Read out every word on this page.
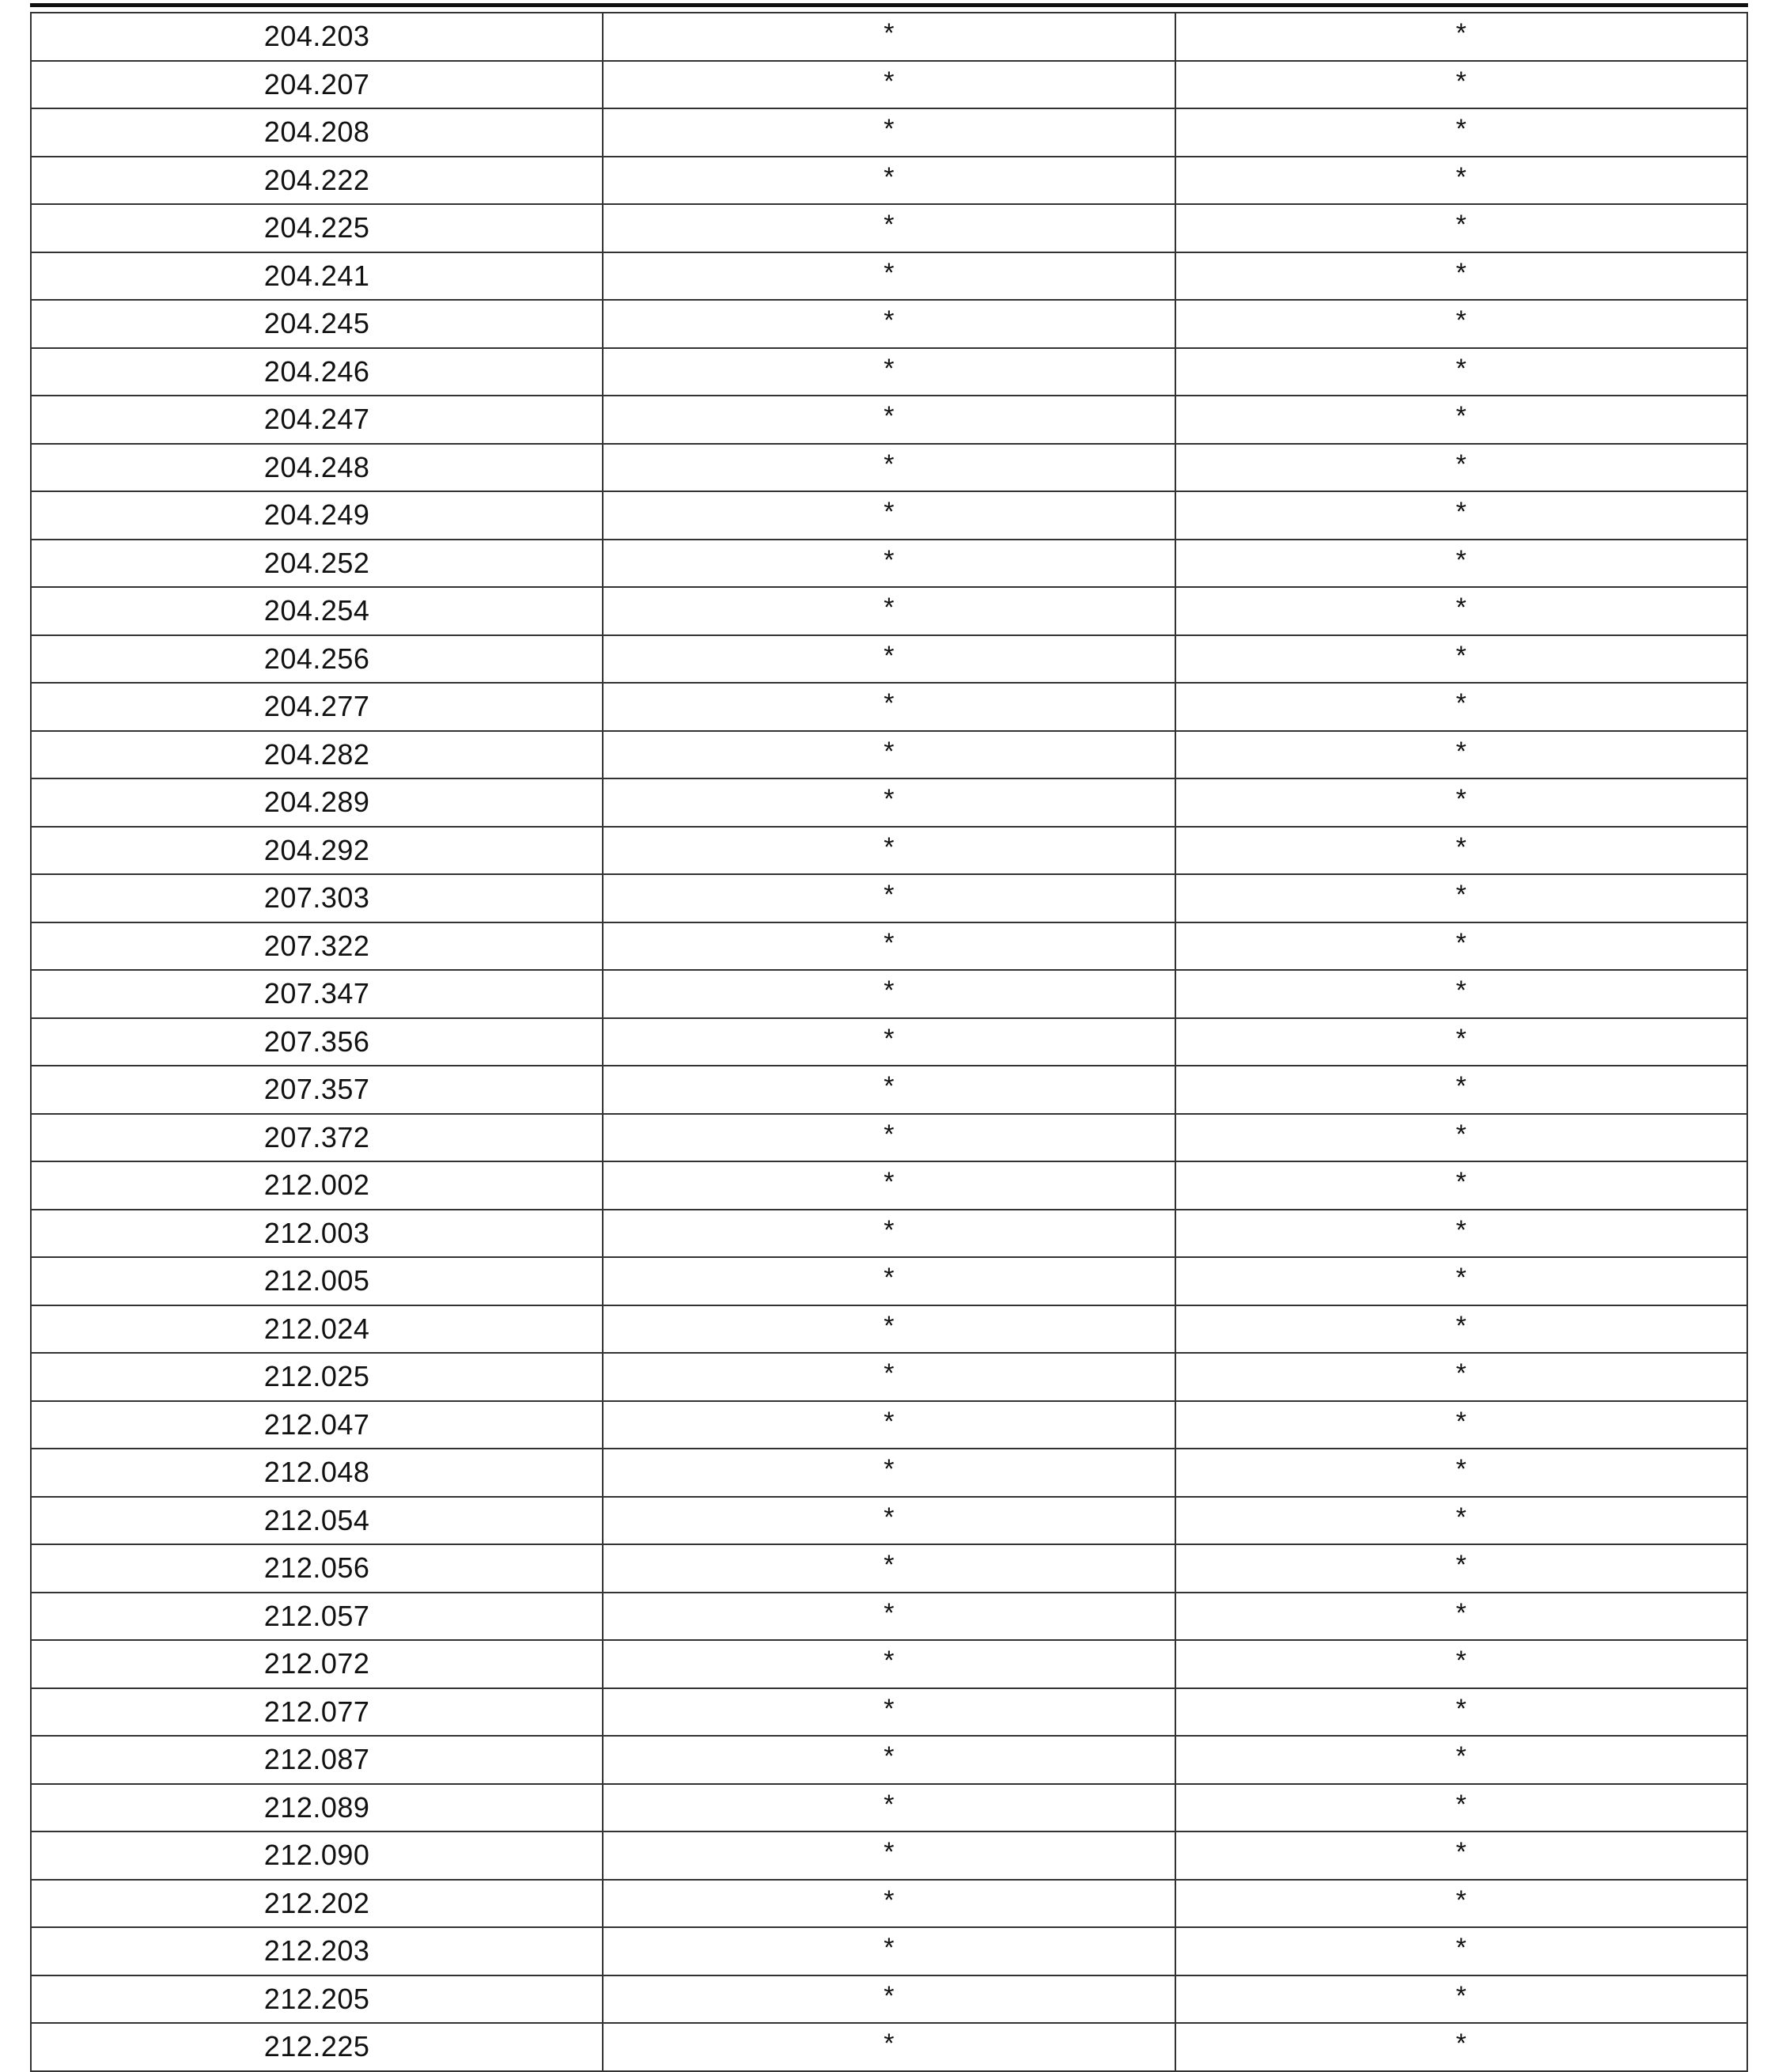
204.203	*	*
204.207	*	*
204.208	*	*
204.222	*	*
204.225	*	*
204.241	*	*
204.245	*	*
204.246	*	*
204.247	*	*
204.248	*	*
204.249	*	*
204.252	*	*
204.254	*	*
204.256	*	*
204.277	*	*
204.282	*	*
204.289	*	*
204.292	*	*
207.303	*	*
207.322	*	*
207.347	*	*
207.356	*	*
207.357	*	*
207.372	*	*
212.002	*	*
212.003	*	*
212.005	*	*
212.024	*	*
212.025	*	*
212.047	*	*
212.048	*	*
212.054	*	*
212.056	*	*
212.057	*	*
212.072	*	*
212.077	*	*
212.087	*	*
212.089	*	*
212.090	*	*
212.202	*	*
212.203	*	*
212.205	*	*
212.225	*	*
